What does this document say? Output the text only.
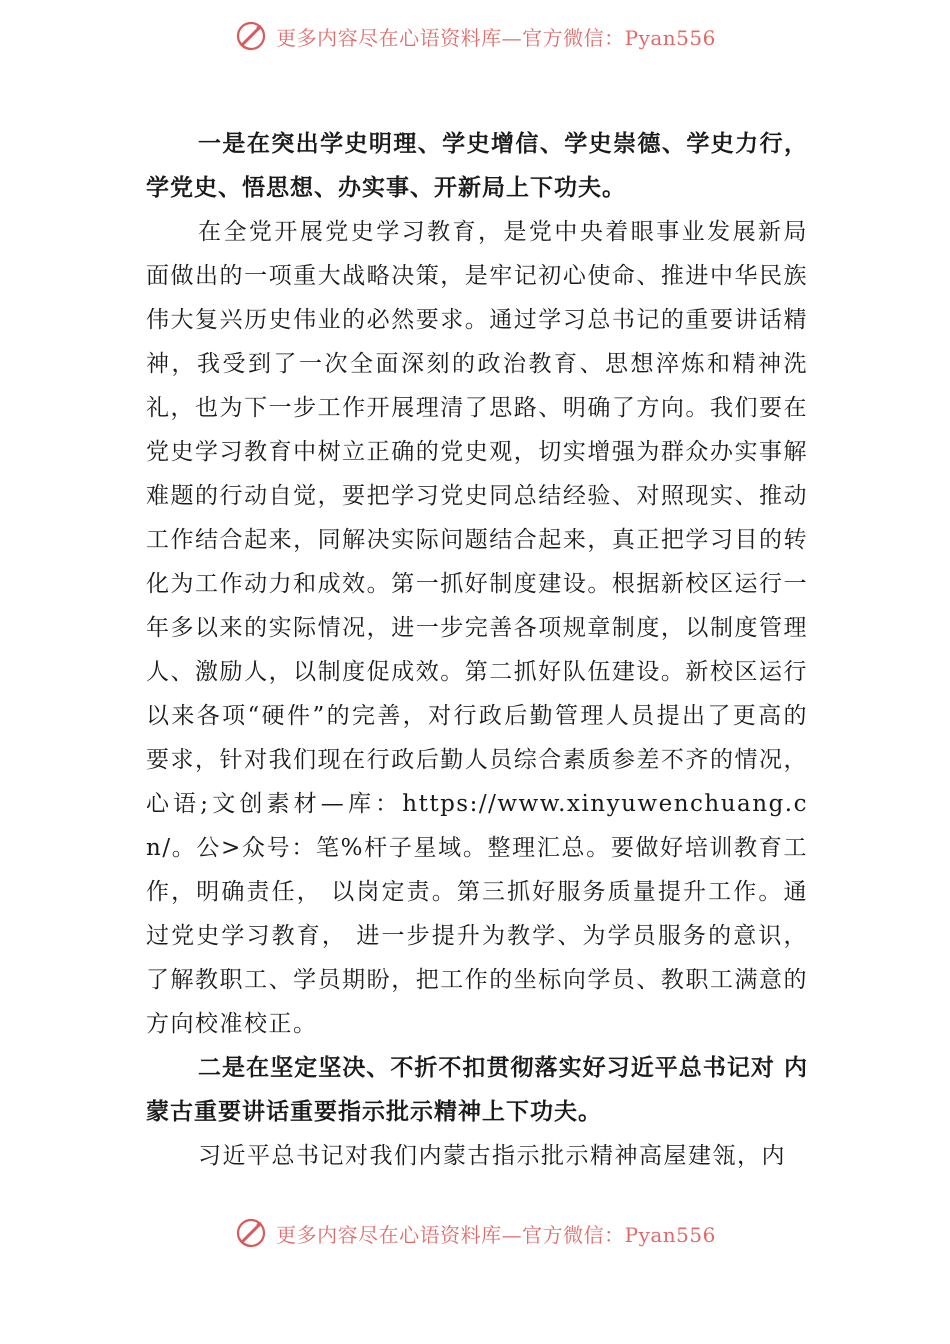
更多内容尽在心语资料库—官方微信：Pyan556

一是在突出学史明理、学史增信、学史崇德、学史力行， 学党史、悟思想、办实事、开新局上下功夫。

在全党开展党史学习教育，是党中央着眼事业发展新局面做出的一项重大战略决策，是牢记初心使命、推进中华民族伟大复兴历史伟业的必然要求。通过学习总书记的重要讲话精神，我受到了一次全面深刻的政治教育、思想淬炼和精神洗礼，也为下一步工作开展理清了思路、明确了方向。我们要在党史学习教育中树立正确的党史观，切实增强为群众办实事解难题的行动自觉，要把学习党史同总结经验、对照现实、推动工作结合起来，同解决实际问题结合起来，真正把学习目的转化为工作动力和成效。第一抓好制度建设。根据新校区运行一年多以来的实际情况，进一步完善各项规章制度，以制度管理人、激励人，以制度促成效。第二抓好队伍建设。新校区运行以来各项“硬件”的完善，对行政后勤管理人员提出了更高的要求，针对我们现在行政后勤人员综合素质参差不齐的情况，心语;文创素材—库：https://www.xinyuwenchuang.cn/。公>众号：笔%杆子星域。整理汇总。要做好培训教育工作，明确责任， 以岗定责。第三抓好服务质量提升工作。通过党史学习教育， 进一步提升为教学、为学员服务的意识，了解教职工、学员期盼，把工作的坐标向学员、教职工满意的方向校准校正。

二是在坚定坚决、不折不扣贯彻落实好习近平总书记对 内蒙古重要讲话重要指示批示精神上下功夫。

习近平总书记对我们内蒙古指示批示精神高屋建瓴，内

更多内容尽在心语资料库—官方微信：Pyan556
